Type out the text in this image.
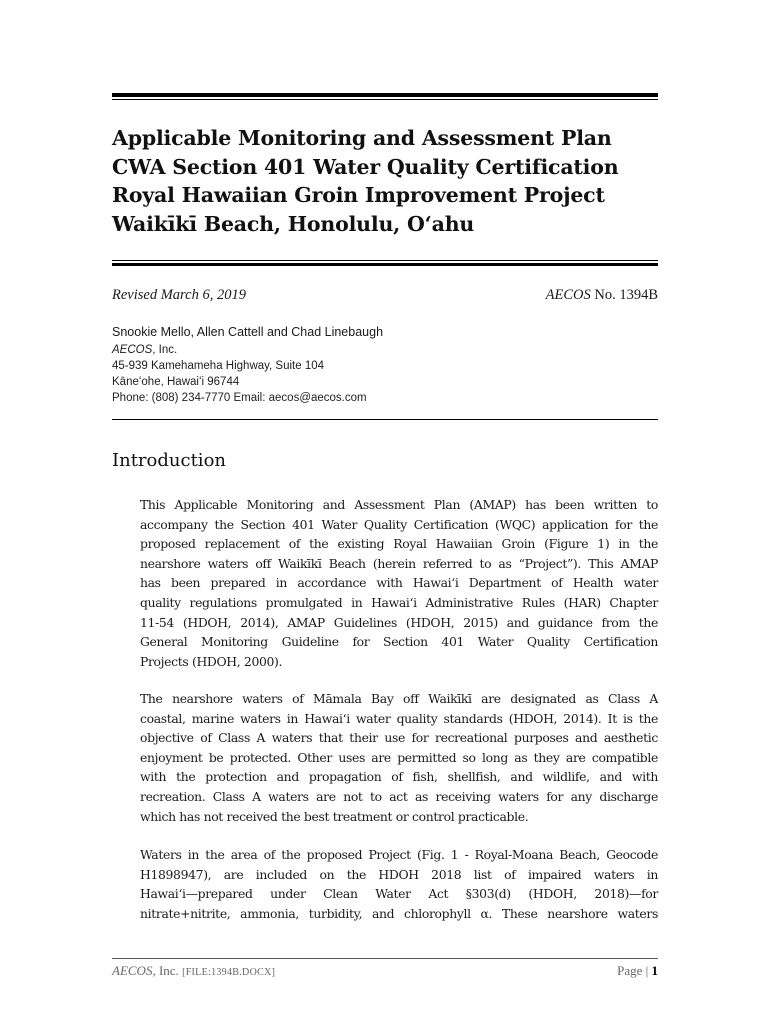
Applicable Monitoring and Assessment Plan
CWA Section 401 Water Quality Certification
Royal Hawaiian Groin Improvement Project
Waikīkī Beach, Honolulu, Oʻahu
Revised March 6, 2019	AECOS No. 1394B
Snookie Mello, Allen Cattell and Chad Linebaugh
AECOS, Inc.
45-939 Kamehameha Highway, Suite 104
Kāneʻohe, Hawaiʻi 96744
Phone: (808) 234-7770 Email: aecos@aecos.com
Introduction
This Applicable Monitoring and Assessment Plan (AMAP) has been written to
accompany the Section 401 Water Quality Certification (WQC) application for the
proposed replacement of the existing Royal Hawaiian Groin (Figure 1) in the
nearshore waters off Waikīkī Beach (herein referred to as “Project”). This AMAP
has been prepared in accordance with Hawaiʻi Department of Health water
quality regulations promulgated in Hawaiʻi Administrative Rules (HAR) Chapter
11-54 (HDOH, 2014), AMAP Guidelines (HDOH, 2015) and guidance from the
General Monitoring Guideline for Section 401 Water Quality Certification
Projects (HDOH, 2000).
The nearshore waters of Māmala Bay off Waikīkī are designated as Class A
coastal, marine waters in Hawaiʻi water quality standards (HDOH, 2014). It is the
objective of Class A waters that their use for recreational purposes and aesthetic
enjoyment be protected. Other uses are permitted so long as they are compatible
with the protection and propagation of fish, shellfish, and wildlife, and with
recreation. Class A waters are not to act as receiving waters for any discharge
which has not received the best treatment or control practicable.
Waters in the area of the proposed Project (Fig. 1 - Royal-Moana Beach, Geocode
H1898947), are included on the HDOH 2018 list of impaired waters in
Hawaiʻi—prepared under Clean Water Act §303(d) (HDOH, 2018)—for
nitrate+nitrite, ammonia, turbidity, and chlorophyll α. These nearshore waters
AECOS, Inc. [FILE:1394B.DOCX]	Page | 1
